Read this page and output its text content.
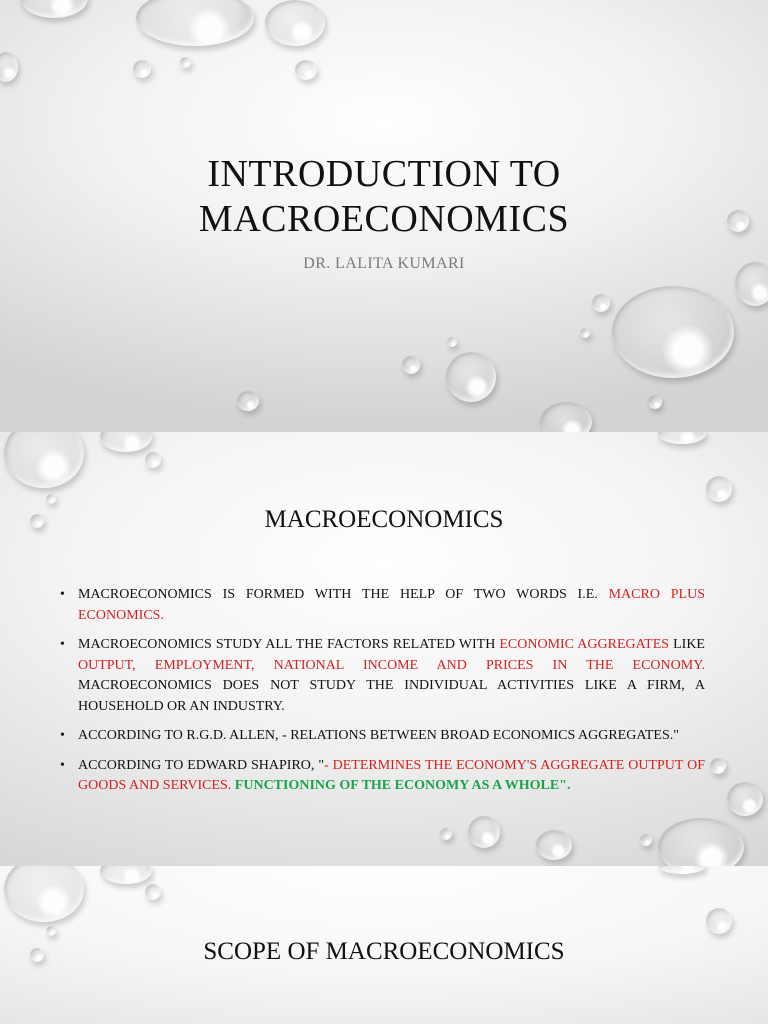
INTRODUCTION TO
MACROECONOMICS
DR. LALITA KUMARI
MACROECONOMICS
• MACROECONOMICS IS FORMED WITH THE HELP OF TWO WORDS I.E. MACRO PLUS ECONOMICS.
• MACROECONOMICS STUDY ALL THE FACTORS RELATED WITH ECONOMIC AGGREGATES LIKE OUTPUT, EMPLOYMENT, NATIONAL INCOME AND PRICES IN THE ECONOMY. MACROECONOMICS DOES NOT STUDY THE INDIVIDUAL ACTIVITIES LIKE A FIRM, A HOUSEHOLD OR AN INDUSTRY.
• ACCORDING TO R.G.D. ALLEN, - RELATIONS BETWEEN BROAD ECONOMICS AGGREGATES."
• ACCORDING TO EDWARD SHAPIRO, "- DETERMINES THE ECONOMY'S AGGREGATE OUTPUT OF GOODS AND SERVICES. FUNCTIONING OF THE ECONOMY AS A WHOLE".
SCOPE OF MACROECONOMICS
